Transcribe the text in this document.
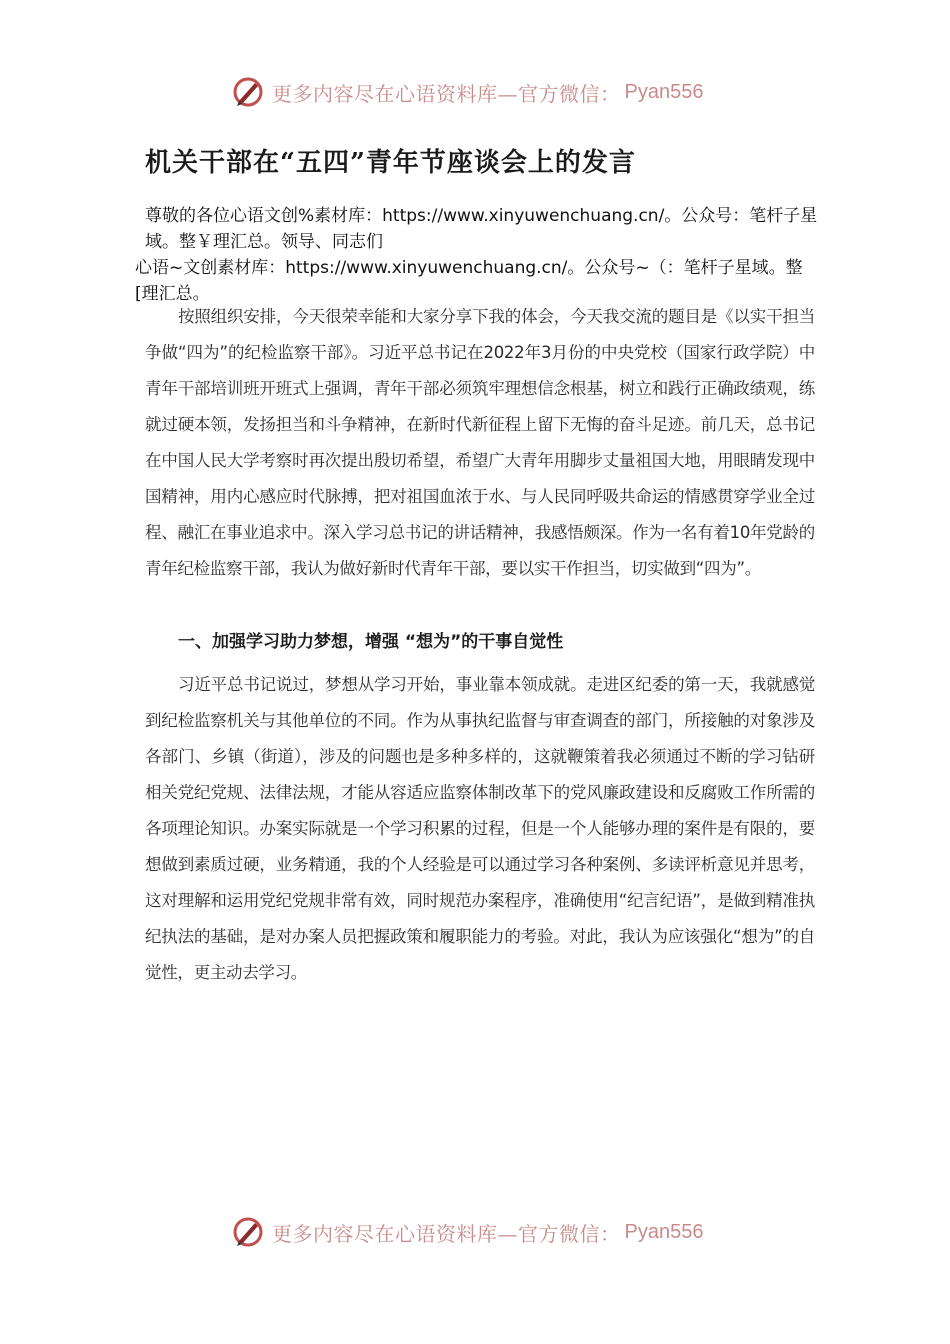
更多内容尽在心语资料库—官方微信： Pyan556
机关干部在“五四”青年节座谈会上的发言
尊敬的各位心语文创%素材库：https://www.xinyuwenchuang.cn/。公众号：笔杆子星域。整￥理汇总。领导、同志们
心语~文创素材库：https://www.xinyuwenchuang.cn/。公众号~（：笔杆子星域。整[理汇总。
按照组织安排，今天很荣幸能和大家分享下我的体会，今天我交流的题目是《以实干担当争做“四为”的纪检监察干部》。习近平总书记在2022年3月份的中央党校（国家行政学院）中青年干部培训班开班式上强调，青年干部必须筑牢理想信念根基，树立和践行正确政绩观，练就过硬本领，发扬担当和斗争精神，在新时代新征程上留下无悔的奋斗足迹。前几天，总书记在中国人民大学考察时再次提出殷切希望，希望广大青年用脚步丈量祖国大地，用眼睛发现中国精神，用内心感应时代脉搏，把对祖国血浓于水、与人民同呼吸共命运的情感贯穿学业全过程、融汇在事业追求中。深入学习总书记的讲话精神，我感悟颇深。作为一名有着10年党龄的青年纪检监察干部，我认为做好新时代青年干部，要以实干作担当，切实做到“四为”。
一、加强学习助力梦想，增强 “想为”的干事自觉性
习近平总书记说过，梦想从学习开始，事业靠本领成就。走进区纪委的第一天，我就感觉到纪检监察机关与其他单位的不同。作为从事执纪监督与审查调查的部门，所接触的对象涉及各部门、乡镇（街道），涉及的问题也是多种多样的，这就鞭策着我必须通过不断的学习钻研相关党纪党规、法律法规，才能从容适应监察体制改革下的党风廉政建设和反腐败工作所需的各项理论知识。办案实际就是一个学习积累的过程，但是一个人能够办理的案件是有限的，要想做到素质过硬，业务精通，我的个人经验是可以通过学习各种案例、多读评析意见并思考，这对理解和运用党纪党规非常有效，同时规范办案程序，准确使用“纪言纪语”，是做到精准执纪执法的基础，是对办案人员把握政策和履职能力的考验。对此，我认为应该强化“想为”的自觉性，更主动去学习。
更多内容尽在心语资料库—官方微信： Pyan556
